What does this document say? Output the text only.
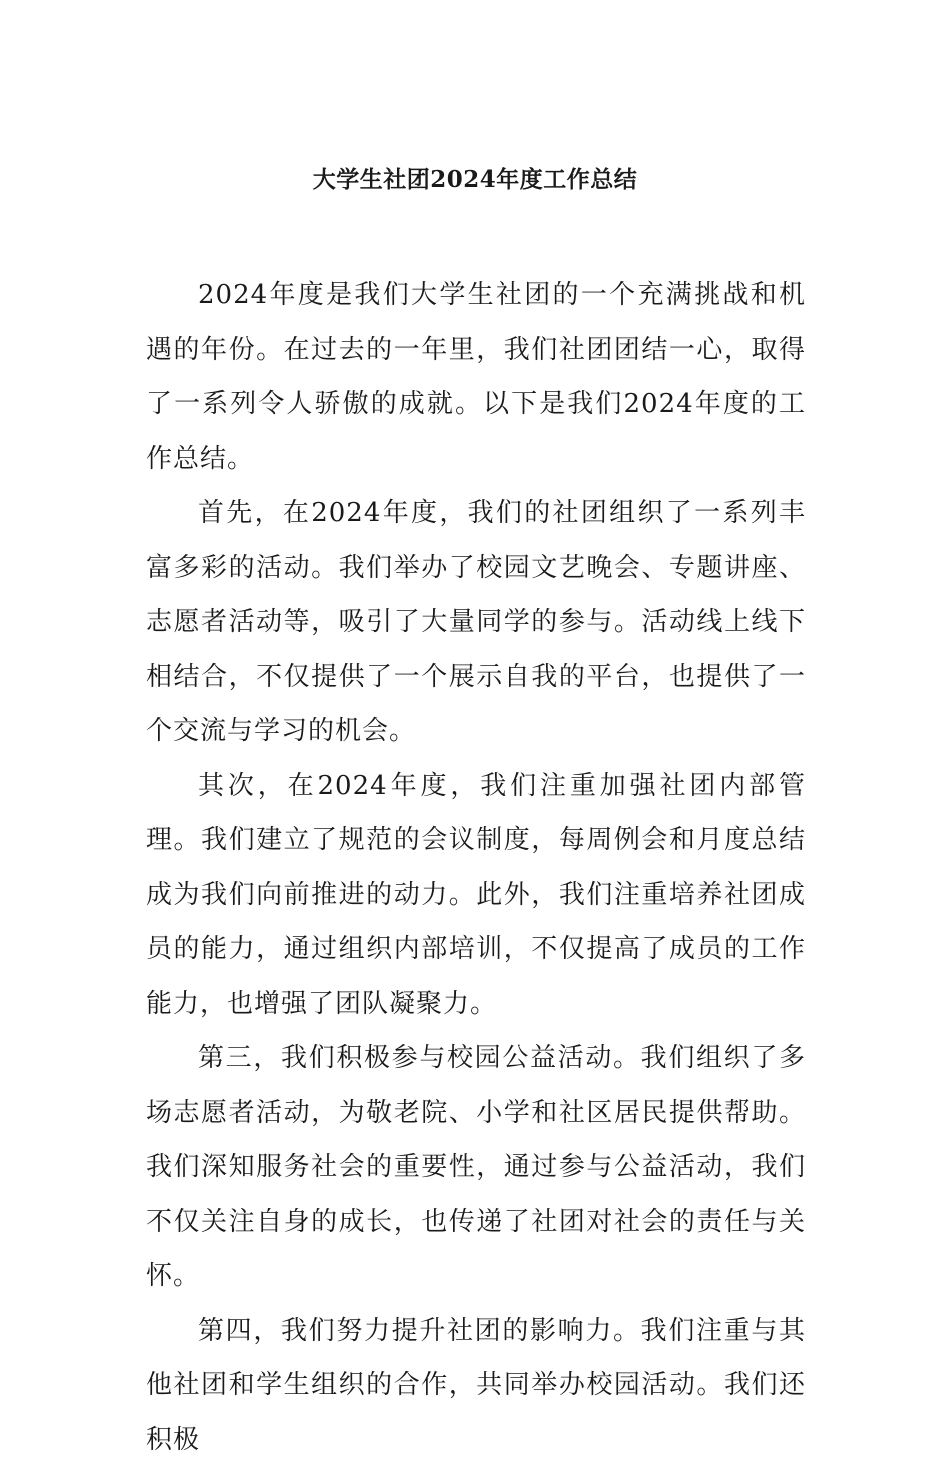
大学生社团2024年度工作总结

2024年度是我们大学生社团的一个充满挑战和机遇的年份。在过去的一年里，我们社团团结一心，取得了一系列令人骄傲的成就。以下是我们2024年度的工作总结。

首先，在2024年度，我们的社团组织了一系列丰富多彩的活动。我们举办了校园文艺晚会、专题讲座、志愿者活动等，吸引了大量同学的参与。活动线上线下相结合，不仅提供了一个展示自我的平台，也提供了一个交流与学习的机会。

其次，在2024年度，我们注重加强社团内部管理。我们建立了规范的会议制度，每周例会和月度总结成为我们向前推进的动力。此外，我们注重培养社团成员的能力，通过组织内部培训，不仅提高了成员的工作能力，也增强了团队凝聚力。

第三，我们积极参与校园公益活动。我们组织了多场志愿者活动，为敬老院、小学和社区居民提供帮助。我们深知服务社会的重要性，通过参与公益活动，我们不仅关注自身的成长，也传递了社团对社会的责任与关怀。

第四，我们努力提升社团的影响力。我们注重与其他社团和学生组织的合作，共同举办校园活动。我们还积极
